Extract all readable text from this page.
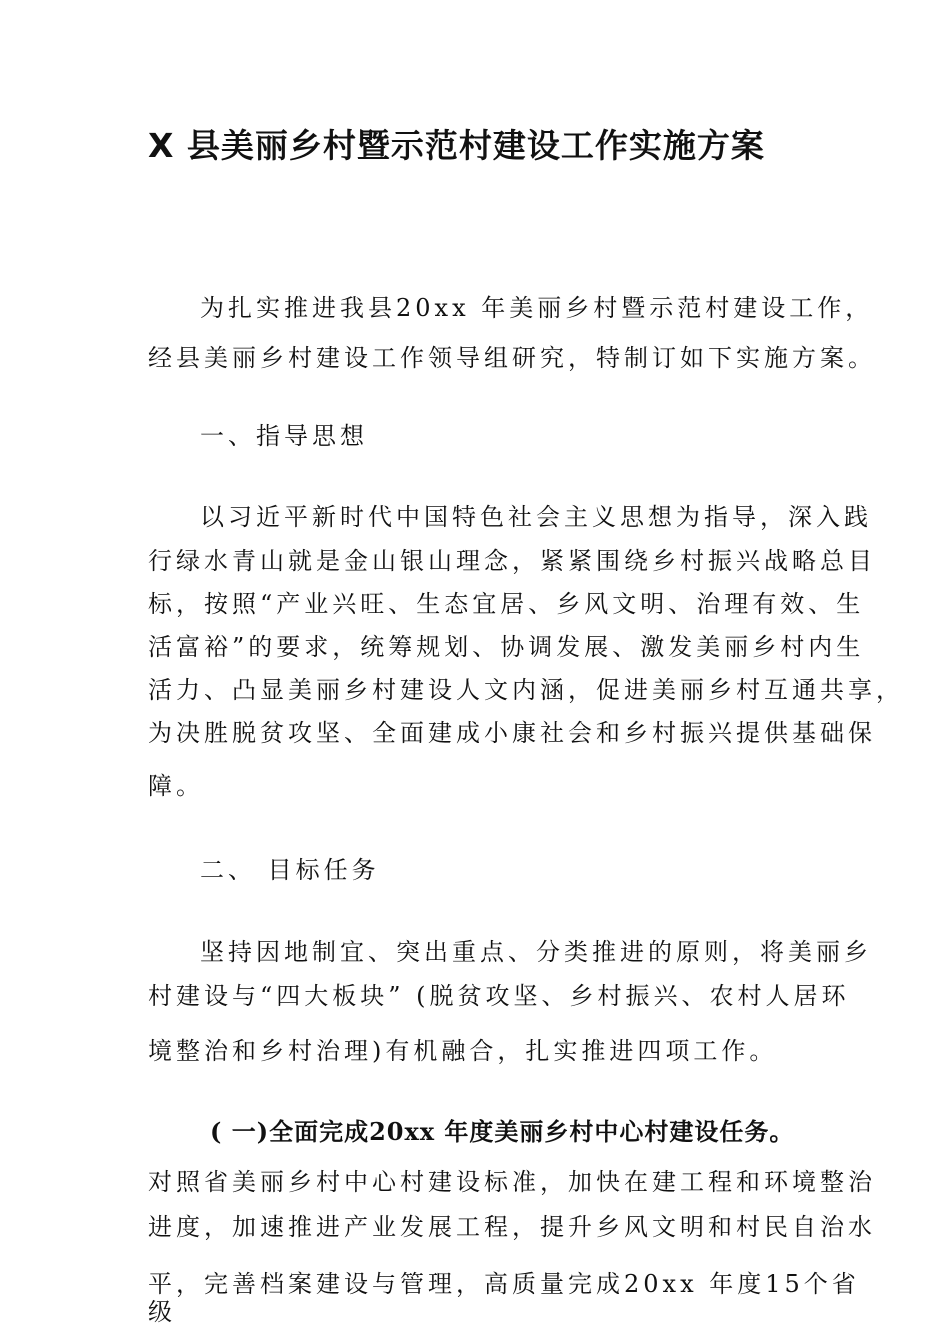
X 县美丽乡村暨示范村建设工作实施方案
为扎实推进我县20xx 年美丽乡村暨示范村建设工作，
经县美丽乡村建设工作领导组研究，特制订如下实施方案。
一、指导思想
以习近平新时代中国特色社会主义思想为指导，深入践
行绿水青山就是金山银山理念，紧紧围绕乡村振兴战略总目
标，按照“产业兴旺、生态宜居、乡风文明、治理有效、生
活富裕”的要求，统筹规划、协调发展、激发美丽乡村内生
活力、凸显美丽乡村建设人文内涵，促进美丽乡村互通共享，
为决胜脱贫攻坚、全面建成小康社会和乡村振兴提供基础保
障。
二、 目标任务
坚持因地制宜、突出重点、分类推进的原则，将美丽乡
村建设与“四大板块” (脱贫攻坚、乡村振兴、农村人居环
境整治和乡村治理)有机融合，扎实推进四项工作。
( 一)全面完成20xx 年度美丽乡村中心村建设任务。
对照省美丽乡村中心村建设标准，加快在建工程和环境整治
进度，加速推进产业发展工程，提升乡风文明和村民自治水
平，完善档案建设与管理，高质量完成20xx 年度15个省
级
